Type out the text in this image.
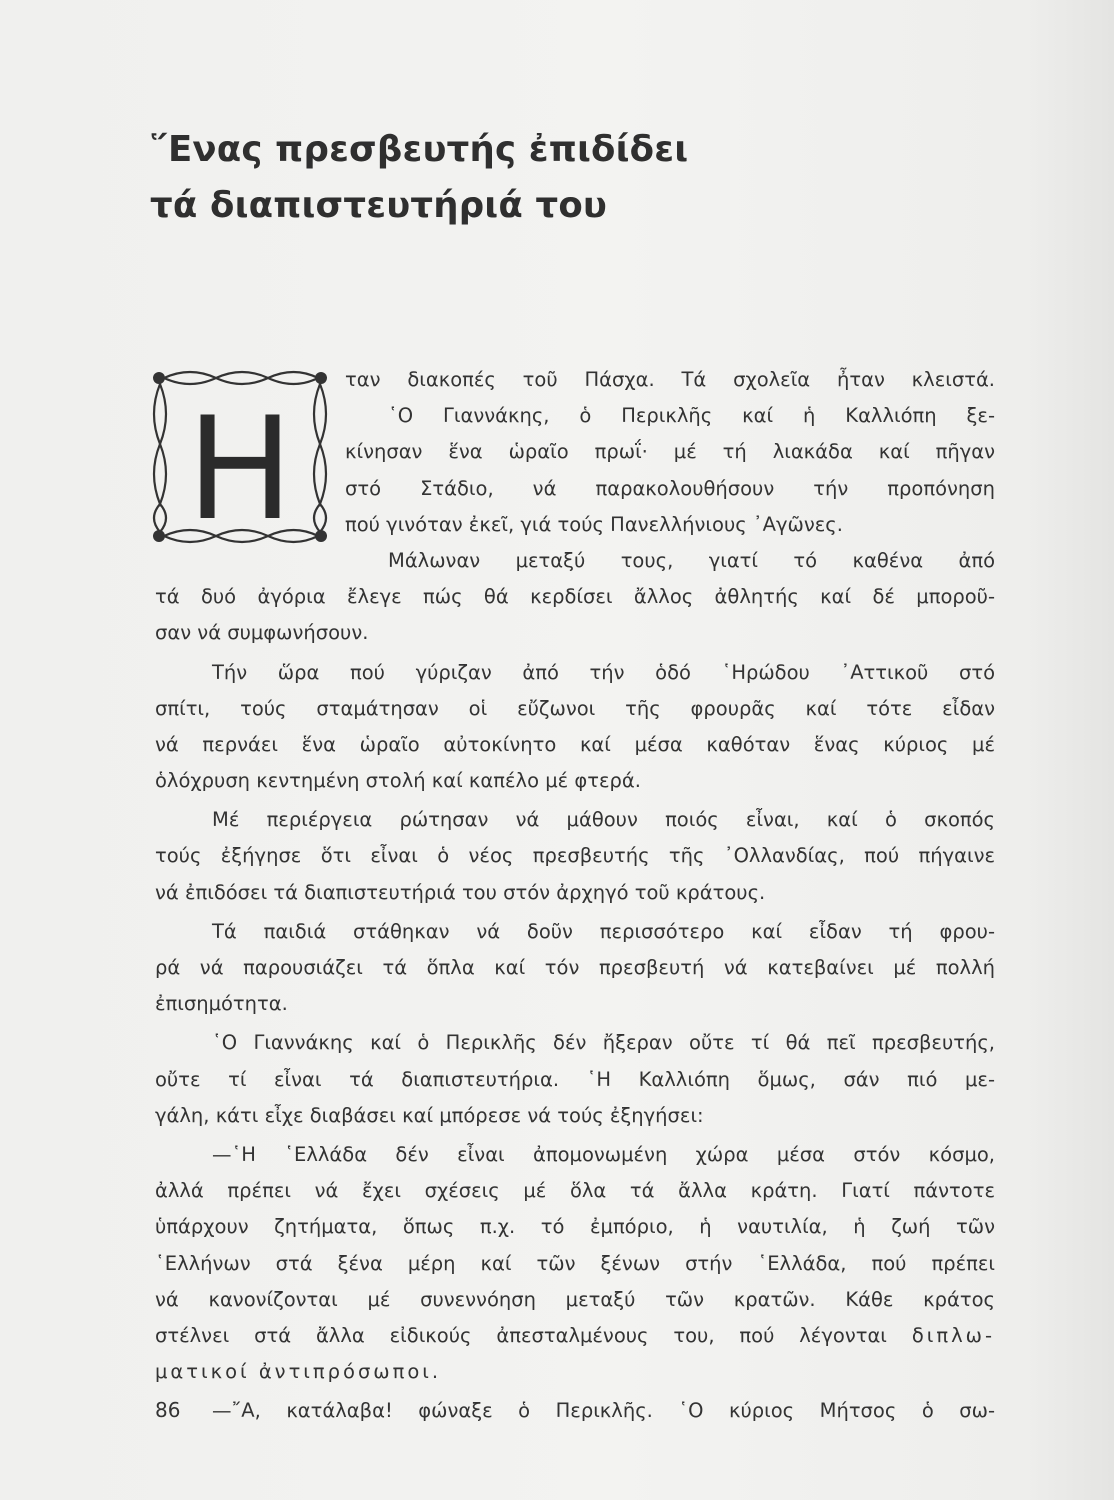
῞Ενας πρεσβευτής ἐπιδίδει
τά διαπιστευτήριά του
Η
ταν διακοπές τοῦ Πάσχα. Τά σχολεῖα ἦταν κλειστά.
῾Ο Γιαννάκης, ὁ Περικλῆς καί ἡ Καλλιόπη ξε-
κίνησαν ἕνα ὡραῖο πρωΐ· μέ τή λιακάδα καί πῆγαν
στό Στάδιο, νά παρακολουθήσουν τήν προπόνηση
πού γινόταν ἐκεῖ, γιά τούς Πανελλήνιους ᾿Αγῶνες.
Μάλωναν μεταξύ τους, γιατί τό καθένα ἀπό
τά δυό ἀγόρια ἔλεγε πώς θά κερδίσει ἄλλος ἀθλητής καί δέ μποροῦ-
σαν νά συμφωνήσουν.
Τήν ὥρα πού γύριζαν ἀπό τήν ὁδό ῾Ηρώδου ᾿Αττικοῦ στό
σπίτι, τούς σταμάτησαν οἱ εὔζωνοι τῆς φρουρᾶς καί τότε εἶδαν
νά περνάει ἕνα ὡραῖο αὐτοκίνητο καί μέσα καθόταν ἕνας κύριος μέ
ὁλόχρυση κεντημένη στολή καί καπέλο μέ φτερά.
Μέ περιέργεια ρώτησαν νά μάθουν ποιός εἶναι, καί ὁ σκοπός
τούς ἐξήγησε ὅτι εἶναι ὁ νέος πρεσβευτής τῆς ᾿Ολλανδίας, πού πήγαινε
νά ἐπιδόσει τά διαπιστευτήριά του στόν ἀρχηγό τοῦ κράτους.
Τά παιδιά στάθηκαν νά δοῦν περισσότερο καί εἶδαν τή φρου-
ρά νά παρουσιάζει τά ὅπλα καί τόν πρεσβευτή νά κατεβαίνει μέ πολλή
ἐπισημότητα.
῾Ο Γιαννάκης καί ὁ Περικλῆς δέν ἤξεραν οὔτε τί θά πεῖ πρεσβευτής,
οὔτε τί εἶναι τά διαπιστευτήρια. ῾Η Καλλιόπη ὅμως, σάν πιό με-
γάλη, κάτι εἶχε διαβάσει καί μπόρεσε νά τούς ἐξηγήσει:
—῾Η ῾Ελλάδα δέν εἶναι ἀπομονωμένη χώρα μέσα στόν κόσμο,
ἀλλά πρέπει νά ἔχει σχέσεις μέ ὅλα τά ἄλλα κράτη. Γιατί πάντοτε
ὑπάρχουν ζητήματα, ὅπως π.χ. τό ἐμπόριο, ἡ ναυτιλία, ἡ ζωή τῶν
῾Ελλήνων στά ξένα μέρη καί τῶν ξένων στήν ῾Ελλάδα, πού πρέπει
νά κανονίζονται μέ συνεννόηση μεταξύ τῶν κρατῶν. Κάθε κράτος
στέλνει στά ἄλλα εἰδικούς ἀπεσταλμένους του, πού λέγονται διπλω-
ματικοί ἀντιπρόσωποι.
—῎Α, κατάλαβα! φώναξε ὁ Περικλῆς. ῾Ο κύριος Μήτσος ὁ σω-
86
